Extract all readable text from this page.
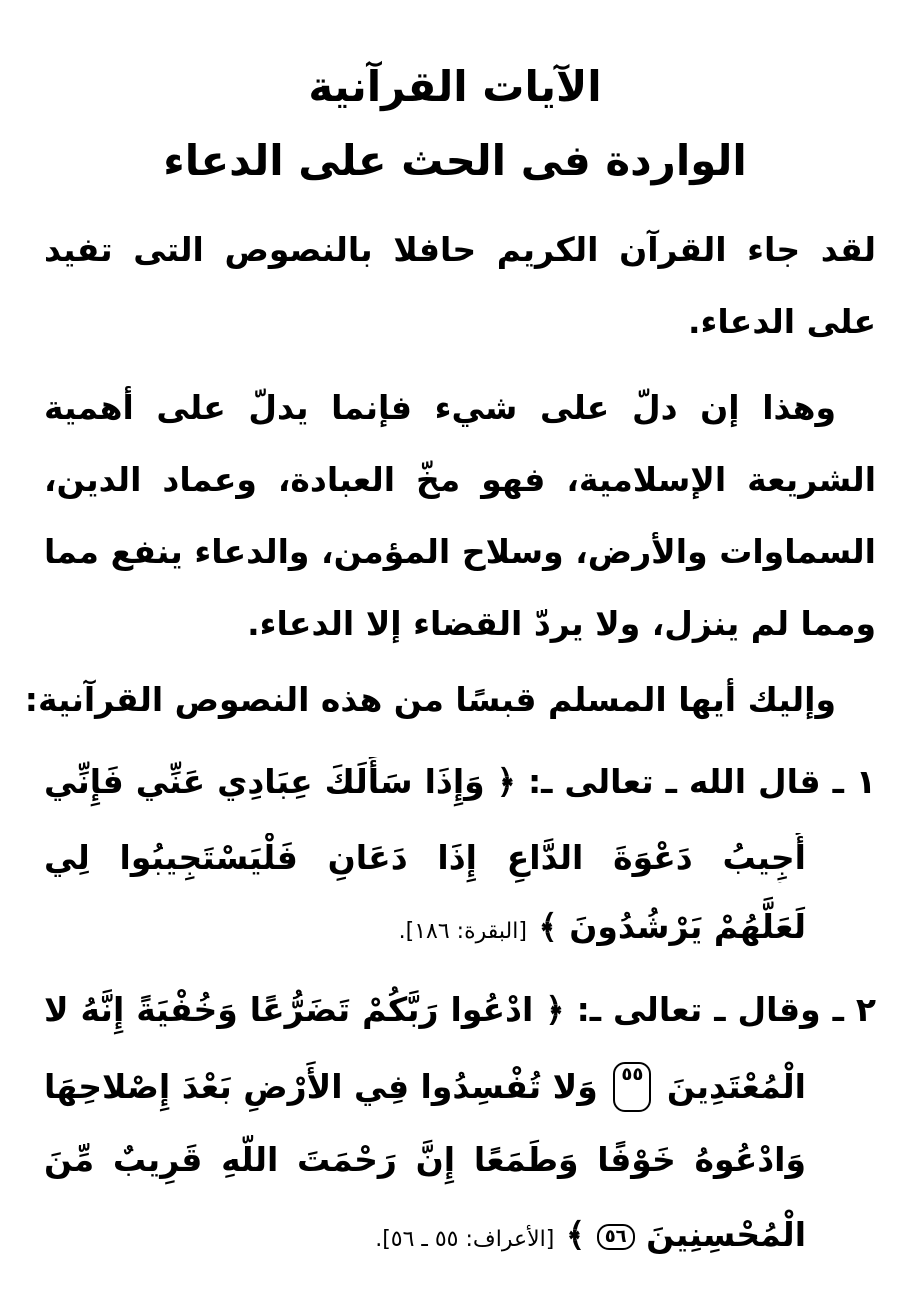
الآيات القرآنية
الواردة فى الحث على الدعاء
لقد جاء القرآن الكريم حافلا بالنصوص التى تفيد
على الدعاء.
وهذا إن دلّ على شيء فإنما يدلّ على أهمية
الشريعة الإسلامية، فهو مخّ العبادة، وعماد الدين،
السماوات والأرض، وسلاح المؤمن، والدعاء ينفع مما
ومما لم ينزل، ولا يردّ القضاء إلا الدعاء.
وإليك أيها المسلم قبسًا من هذه النصوص القرآنية:
١ ـ قال الله ـ تعالى ـ: ﴿ وَإِذَا سَأَلَكَ عِبَادِي عَنِّي فَإِنِّي
أُجِيبُ دَعْوَةَ الدَّاعِ إِذَا دَعَانِ فَلْيَسْتَجِيبُوا لِي
لَعَلَّهُمْ يَرْشُدُونَ ﴾ [البقرة: ١٨٦].
٢ ـ وقال ـ تعالى ـ: ﴿ ادْعُوا رَبَّكُمْ تَضَرُّعًا وَخُفْيَةً إِنَّهُ لا
الْمُعْتَدِينَ
٥٥
وَلا تُفْسِدُوا فِي الأَرْضِ بَعْدَ إِصْلاحِهَا
وَادْعُوهُ خَوْفًا وَطَمَعًا إِنَّ رَحْمَتَ اللَّهِ قَرِيبٌ مِّنَ
الْمُحْسِنِينَ ٥٦ ﴾ [الأعراف: ٥٥ ـ ٥٦].
